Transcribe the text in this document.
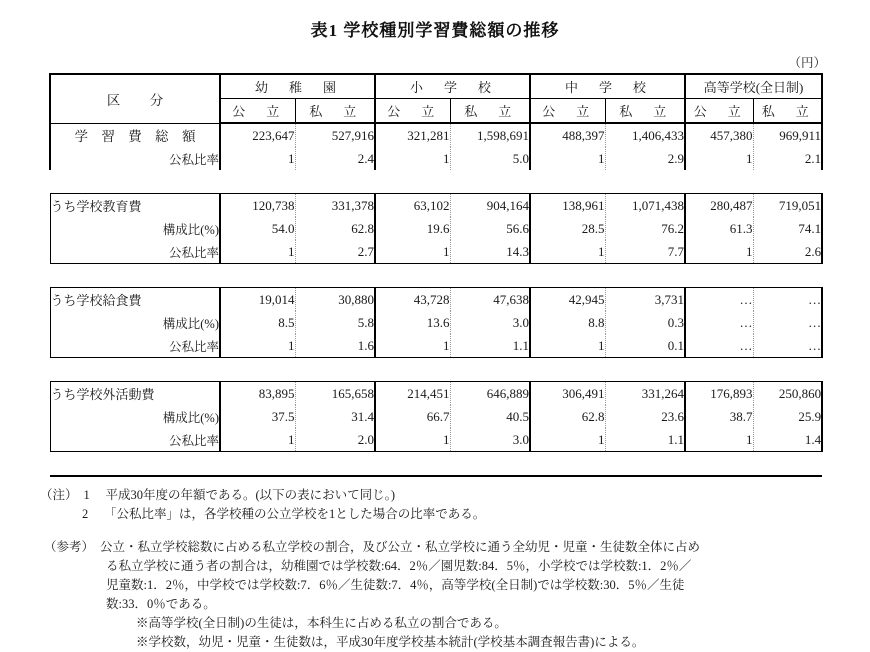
表1 学校種別学習費総額の推移
（円）
区　分	幼　稚　園		小　学　校		中　学　校		高等学校(全日制)	
	公　立	私　立	公　立	私　立	公　立	私　立	公　立	私　立
学 習 費 総 額	223,647	527,916	321,281	1,598,691	488,397	1,406,433	457,380	969,911
公私比率	1	2.4	1	5.0	1	2.9	1	2.1

うち学校教育費	120,738	331,378	63,102	904,164	138,961	1,071,438	280,487	719,051
構成比(%)	54.0	62.8	19.6	56.6	28.5	76.2	61.3	74.1
公私比率	1	2.7	1	14.3	1	7.7	1	2.6

うち学校給食費	19,014	30,880	43,728	47,638	42,945	3,731	…	…
構成比(%)	8.5	5.8	13.6	3.0	8.8	0.3	…	…
公私比率	1	1.6	1	1.1	1	0.1	…	…

うち学校外活動費	83,895	165,658	214,451	646,889	306,491	331,264	176,893	250,860
構成比(%)	37.5	31.4	66.7	40.5	62.8	23.6	38.7	25.9
公私比率	1	2.0	1	3.0	1	1.1	1	1.4

（注） 1	平成30年度の年額である。(以下の表において同じ。)
2	「公私比率」は，各学校種の公立学校を1とした場合の比率である。
（参考） 公立・私立学校総数に占める私立学校の割合，及び公立・私立学校に通う全幼児・児童・生徒数全体に占め
る私立学校に通う者の割合は，幼稚園では学校数:64．2％／園児数:84．5％，小学校では学校数:1．2％／
児童数:1．2％，中学校では学校数:7．6％／生徒数:7．4％，高等学校(全日制)では学校数:30．5％／生徒
数:33．0％である。
※高等学校(全日制)の生徒は，本科生に占める私立の割合である。
※学校数，幼児・児童・生徒数は，平成30年度学校基本統計(学校基本調査報告書)による。
